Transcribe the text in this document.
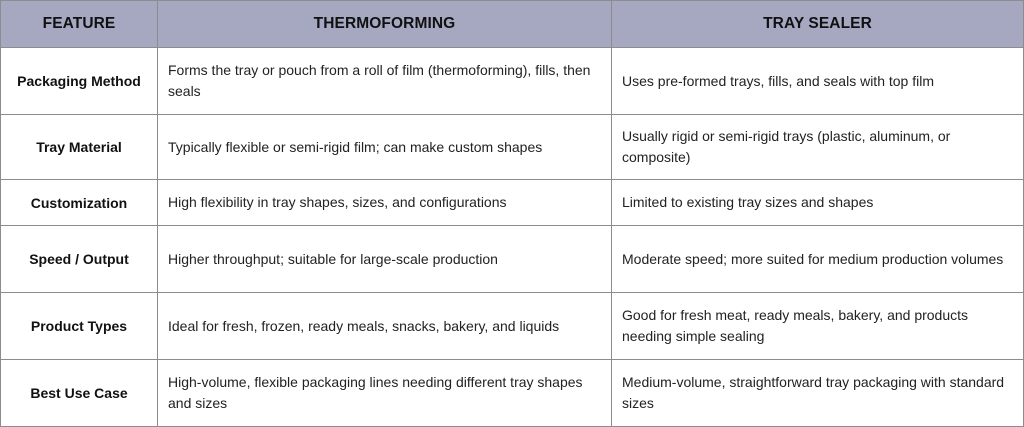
FEATURE	THERMOFORMING	TRAY SEALER
Packaging Method	Forms the tray or pouch from a roll of film (thermoforming), fills, then seals	Uses pre-formed trays, fills, and seals with top film
Tray Material	Typically flexible or semi-rigid film; can make custom shapes	Usually rigid or semi-rigid trays (plastic, aluminum, or composite)
Customization	High flexibility in tray shapes, sizes, and configurations	Limited to existing tray sizes and shapes
Speed / Output	Higher throughput; suitable for large-scale production	Moderate speed; more suited for medium production volumes
Product Types	Ideal for fresh, frozen, ready meals, snacks, bakery, and liquids	Good for fresh meat, ready meals, bakery, and products needing simple sealing
Best Use Case	High-volume, flexible packaging lines needing different tray shapes and sizes	Medium-volume, straightforward tray packaging with standard sizes
